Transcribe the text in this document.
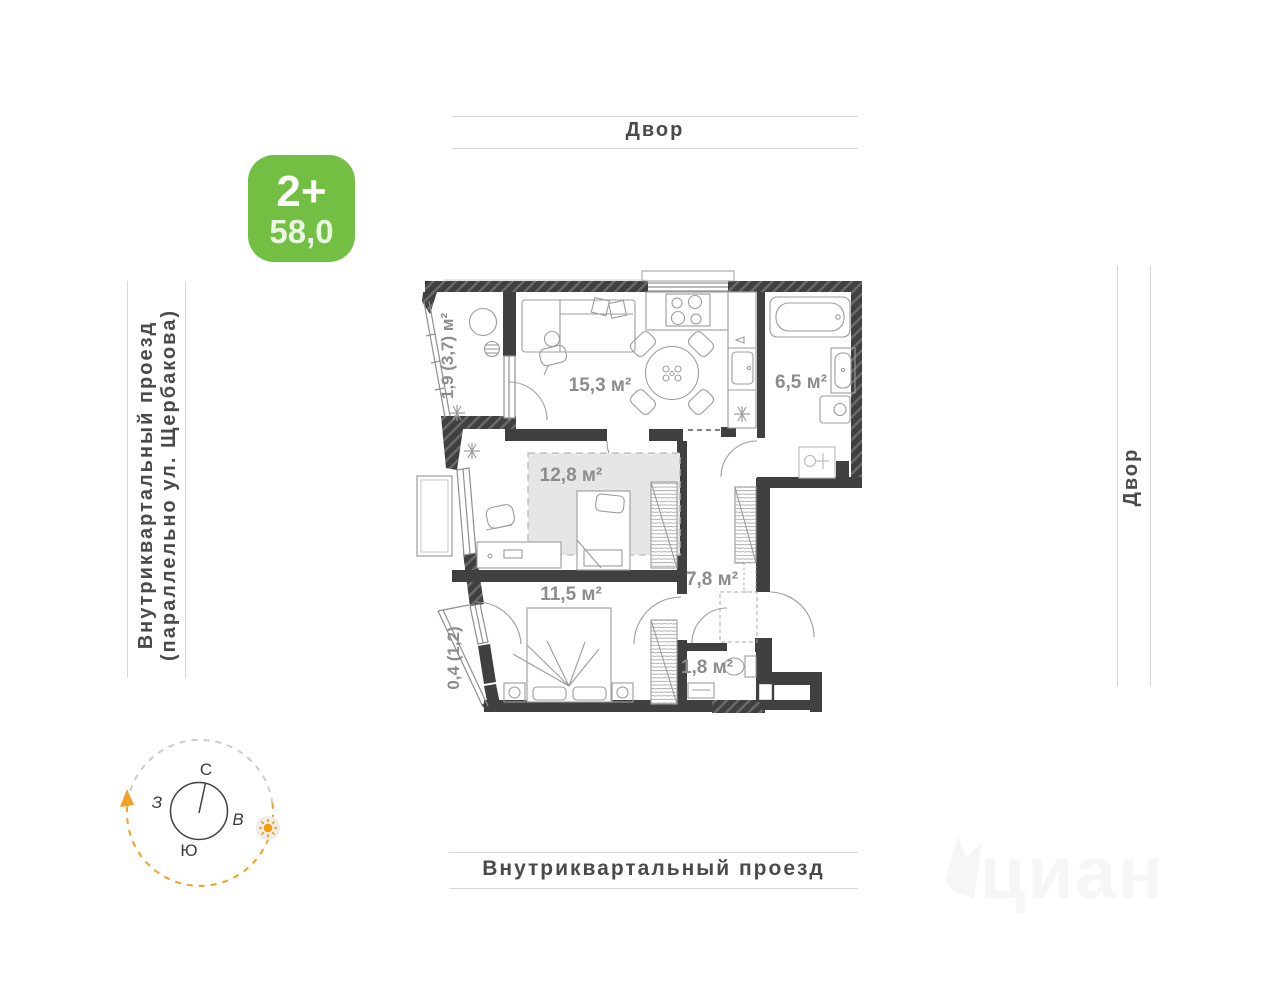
Двор
Внутриквартальный проезд
Внутриквартальный проезд (параллельно ул. Щербакова)	Двор
2+
58,0
15,3 м²	6,5 м²
12,8 м²
7,8 м²
11,5 м²
1,8 м²
1,9 (3,7) м²
0,4 (1,2)
С
З
В
Ю	циан
